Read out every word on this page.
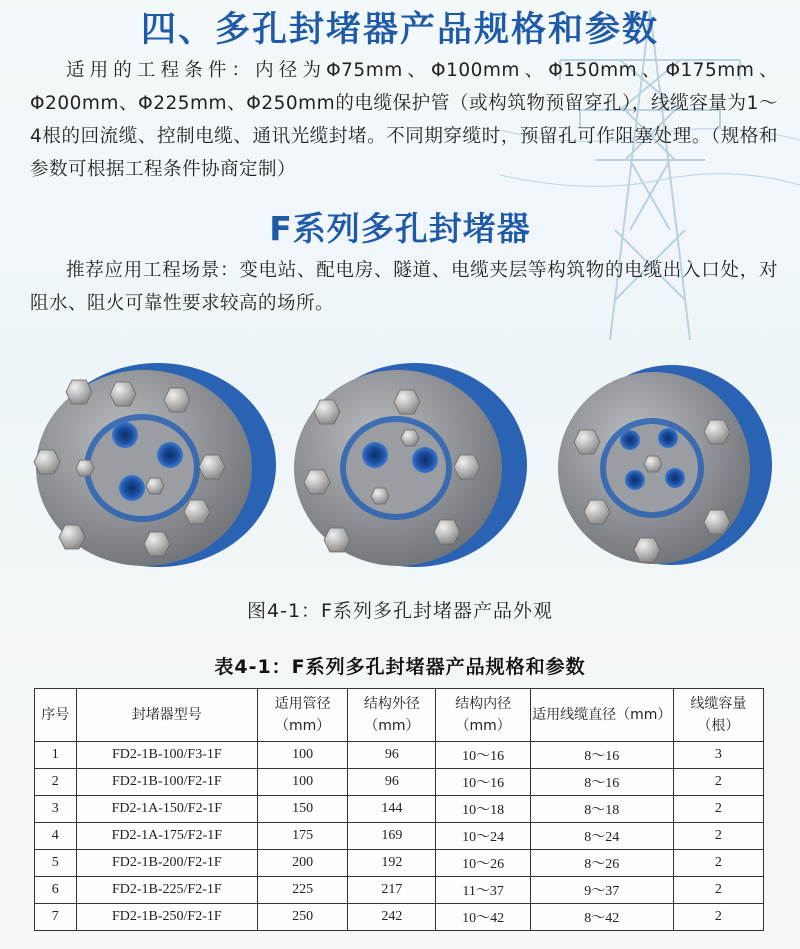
四、多孔封堵器产品规格和参数
适用的工程条件：内径为Φ75mm、Φ100mm、Φ150mm、Φ175mm、Φ200mm、Φ225mm、Φ250mm的电缆保护管（或构筑物预留穿孔），线缆容量为1～4根的回流缆、控制电缆、通讯光缆封堵。不同期穿缆时，预留孔可作阻塞处理。（规格和参数可根据工程条件协商定制）
F系列多孔封堵器
推荐应用工程场景：变电站、配电房、隧道、电缆夹层等构筑物的电缆出入口处，对阻水、阻火可靠性要求较高的场所。
图4-1：F系列多孔封堵器产品外观
表4-1：F系列多孔封堵器产品规格和参数
序号	封堵器型号	适用管径（mm）	结构外径（mm）	结构内径（mm）	适用线缆直径（mm）	线缆容量（根）
1	FD2-1B-100/F3-1F	100	96	10～16	8～16	3
2	FD2-1B-100/F2-1F	100	96	10～16	8～16	2
3	FD2-1A-150/F2-1F	150	144	10～18	8～18	2
4	FD2-1A-175/F2-1F	175	169	10～24	8～24	2
5	FD2-1B-200/F2-1F	200	192	10～26	8～26	2
6	FD2-1B-225/F2-1F	225	217	11～37	9～37	2
7	FD2-1B-250/F2-1F	250	242	10～42	8～42	2
